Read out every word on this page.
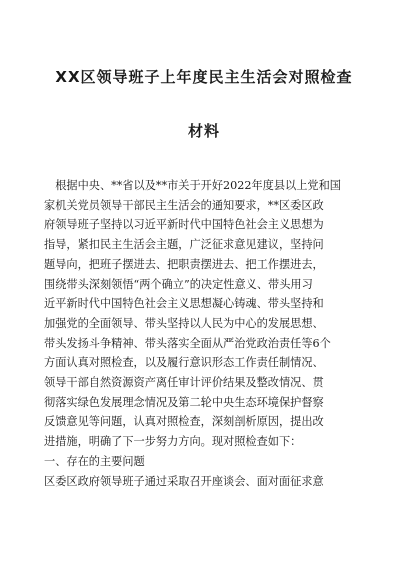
XX区领导班子上年度民主生活会对照检查
材料

　根据中央、**省以及**市关于开好2022年度县以上党和国

家机关党员领导干部民主生活会的通知要求，**区委区政

府领导班子坚持以习近平新时代中国特色社会主义思想为

指导，紧扣民主生活会主题，广泛征求意见建议，坚持问

题导向，把班子摆进去、把职责摆进去、把工作摆进去，

围绕带头深刻领悟“两个确立”的决定性意义、带头用习

近平新时代中国特色社会主义思想凝心铸魂、带头坚持和

加强党的全面领导、带头坚持以人民为中心的发展思想、

带头发扬斗争精神、带头落实全面从严治党政治责任等6个

方面认真对照检查，以及履行意识形态工作责任制情况、

领导干部自然资源资产离任审计评价结果及整改情况、贯

彻落实绿色发展理念情况及第二轮中央生态环境保护督察

反馈意见等问题，认真对照检查，深刻剖析原因，提出改

进措施，明确了下一步努力方向。现对照检查如下：

一、存在的主要问题

区委区政府领导班子通过采取召开座谈会、面对面征求意
